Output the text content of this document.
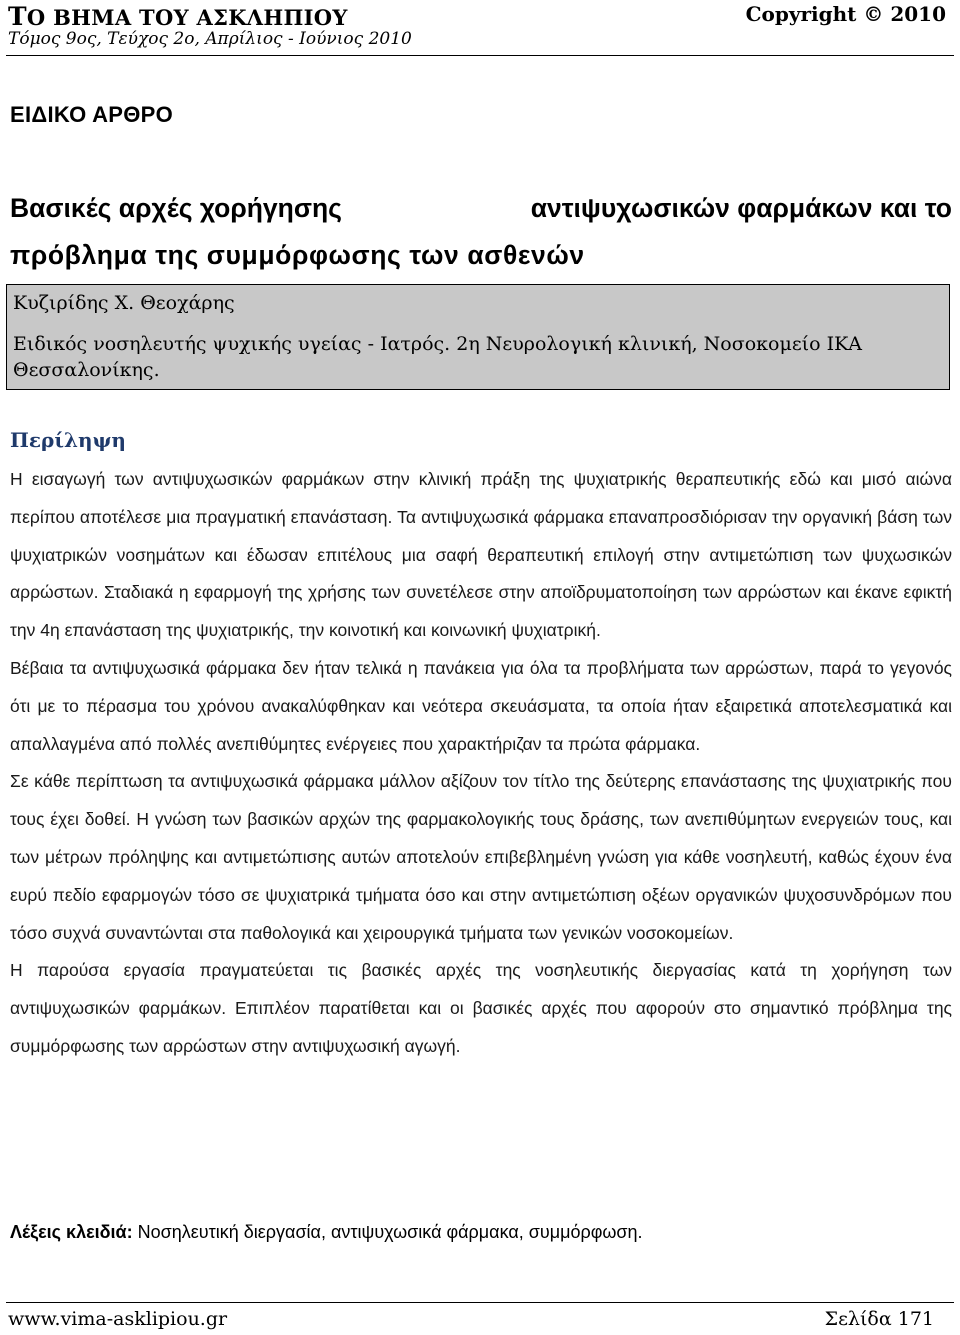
ΤΟ ΒΗΜΑ ΤΟΥ ΑΣΚΛΗΠΙΟΥ	Copyright © 2010
Τόμος 9ος, Τεύχος 2ο, Απρίλιος - Ιούνιος 2010
ΕΙΔΙΚΟ ΑΡΘΡΟ
Βασικές αρχές χορήγησης	αντιψυχωσικών φαρμάκων και το
πρόβλημα της συμμόρφωσης των ασθενών
Κυζιρίδης Χ. Θεοχάρης
Ειδικός νοσηλευτής ψυχικής υγείας - Ιατρός. 2η Νευρολογική κλινική, Νοσοκομείο ΙΚΑ Θεσσαλονίκης.
Περίληψη

Η εισαγωγή των αντιψυχωσικών φαρμάκων στην κλινική πράξη της ψυχιατρικής θεραπευτικής εδώ και μισό αιώνα περίπου αποτέλεσε μια πραγματική επανάσταση. Τα αντιψυχωσικά φάρμακα επαναπροσδιόρισαν την οργανική βάση των ψυχιατρικών νοσημάτων και έδωσαν επιτέλους μια σαφή θεραπευτική επιλογή στην αντιμετώπιση των ψυχωσικών αρρώστων. Σταδιακά η εφαρμογή της χρήσης των συνετέλεσε στην αποϊδρυματοποίηση των αρρώστων και έκανε εφικτή την 4η επανάσταση της ψυχιατρικής, την κοινοτική και κοινωνική ψυχιατρική.

Βέβαια τα αντιψυχωσικά φάρμακα δεν ήταν τελικά η πανάκεια για όλα τα προβλήματα των αρρώστων, παρά το γεγονός ότι με το πέρασμα του χρόνου ανακαλύφθηκαν και νεότερα σκευάσματα, τα οποία ήταν εξαιρετικά αποτελεσματικά και απαλλαγμένα από πολλές ανεπιθύμητες ενέργειες που χαρακτήριζαν τα πρώτα φάρμακα.

Σε κάθε περίπτωση τα αντιψυχωσικά φάρμακα μάλλον αξίζουν τον τίτλο της δεύτερης επανάστασης της ψυχιατρικής που τους έχει δοθεί. Η γνώση των βασικών αρχών της φαρμακολογικής τους δράσης, των ανεπιθύμητων ενεργειών τους, και των μέτρων πρόληψης και αντιμετώπισης αυτών αποτελούν επιβεβλημένη γνώση για κάθε νοσηλευτή, καθώς έχουν ένα ευρύ πεδίο εφαρμογών τόσο σε ψυχιατρικά τμήματα όσο και στην αντιμετώπιση οξέων οργανικών ψυχοσυνδρόμων που τόσο συχνά συναντώνται στα παθολογικά και χειρουργικά τμήματα των γενικών νοσοκομείων.

Η παρούσα εργασία πραγματεύεται τις βασικές αρχές της νοσηλευτικής διεργασίας κατά τη χορήγηση των αντιψυχωσικών φαρμάκων. Επιπλέον παρατίθεται και οι βασικές αρχές που αφορούν στο σημαντικό πρόβλημα της συμμόρφωσης των αρρώστων στην αντιψυχωσική αγωγή.

Λέξεις κλειδιά: Νοσηλευτική διεργασία, αντιψυχωσικά φάρμακα, συμμόρφωση.
www.vima-asklipiou.gr	Σελίδα 171
